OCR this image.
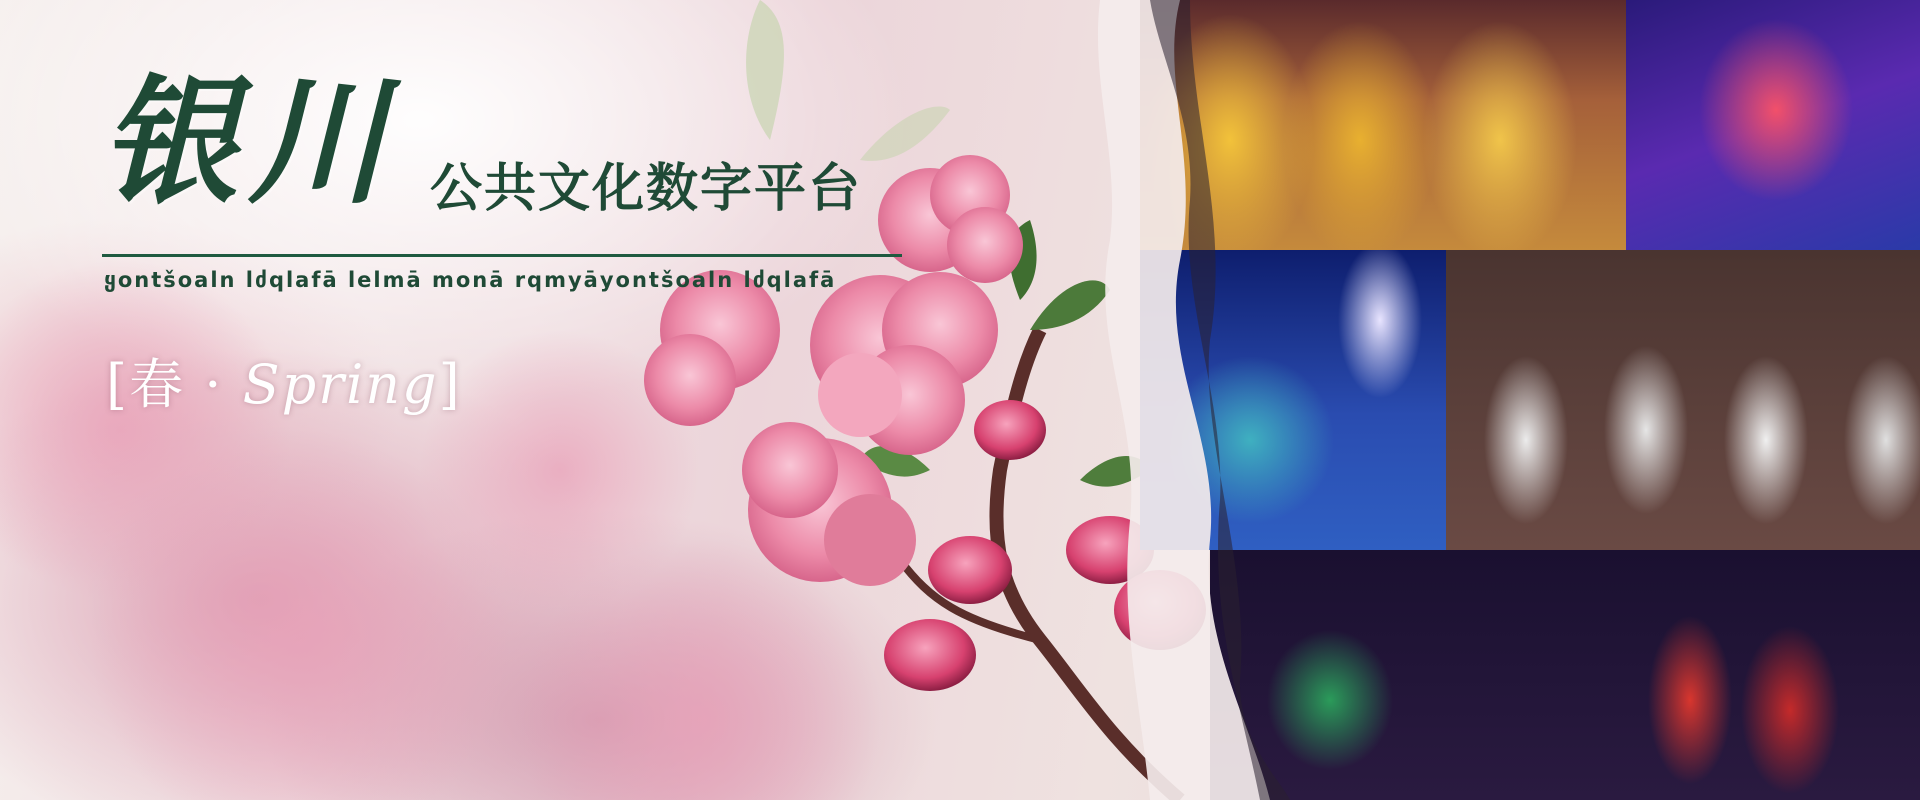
银川 公共文化数字平台
ყontšoaln lძqlafā lelmā monā rqmyāyontšoaln lძqlafā
[春 · Spring]
